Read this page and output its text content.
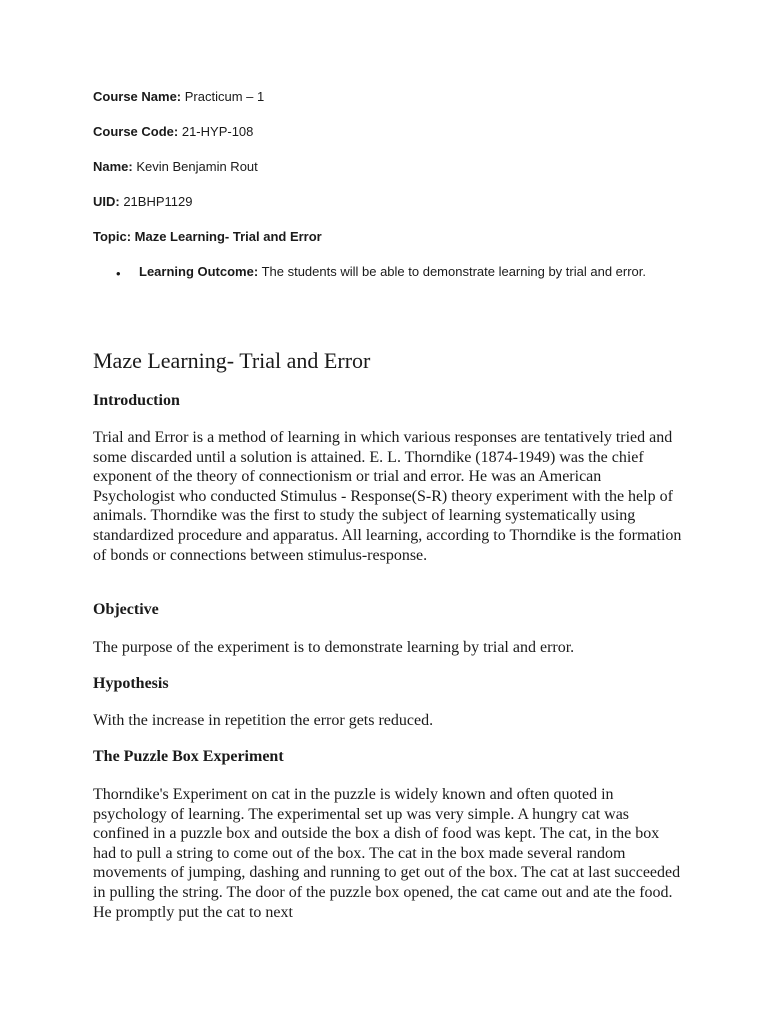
Course Name: Practicum – 1
Course Code: 21-HYP-108
Name: Kevin Benjamin Rout
UID: 21BHP1129
Topic: Maze Learning- Trial and Error
• Learning Outcome: The students will be able to demonstrate learning by trial and error.
Maze Learning- Trial and Error
Introduction
Trial and Error is a method of learning in which various responses are tentatively tried and some discarded until a solution is attained. E. L. Thorndike (1874-1949) was the chief exponent of the theory of connectionism or trial and error. He was an American Psychologist who conducted Stimulus - Response(S-R) theory experiment with the help of animals. Thorndike was the first to study the subject of learning systematically using standardized procedure and apparatus. All learning, according to Thorndike is the formation of bonds or connections between stimulus-response.
Objective
The purpose of the experiment is to demonstrate learning by trial and error.
Hypothesis
With the increase in repetition the error gets reduced.
The Puzzle Box Experiment
Thorndike's Experiment on cat in the puzzle is widely known and often quoted in psychology of learning. The experimental set up was very simple. A hungry cat was confined in a puzzle box and outside the box a dish of food was kept. The cat, in the box had to pull a string to come out of the box. The cat in the box made several random movements of jumping, dashing and running to get out of the box. The cat at last succeeded in pulling the string. The door of the puzzle box opened, the cat came out and ate the food. He promptly put the cat to next
